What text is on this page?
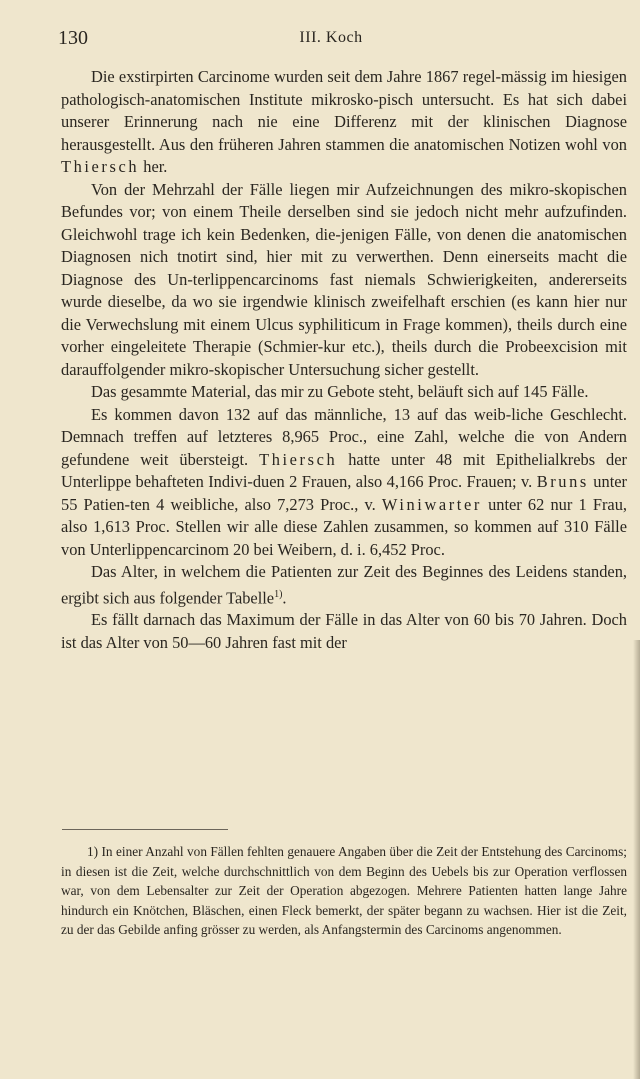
130	III. Koch

Die exstirpirten Carcinome wurden seit dem Jahre 1867 regel-mässig im hiesigen pathologisch-anatomischen Institute mikrosko-pisch untersucht. Es hat sich dabei unserer Erinnerung nach nie eine Differenz mit der klinischen Diagnose herausgestellt. Aus den früheren Jahren stammen die anatomischen Notizen wohl von Thiersch her.

Von der Mehrzahl der Fälle liegen mir Aufzeichnungen des mikro-skopischen Befundes vor; von einem Theile derselben sind sie jedoch nicht mehr aufzufinden. Gleichwohl trage ich kein Bedenken, die-jenigen Fälle, von denen die anatomischen Diagnosen nich tnotirt sind, hier mit zu verwerthen. Denn einerseits macht die Diagnose des Un-terlippencarcinoms fast niemals Schwierigkeiten, andererseits wurde dieselbe, da wo sie irgendwie klinisch zweifelhaft erschien (es kann hier nur die Verwechslung mit einem Ulcus syphiliticum in Frage kommen), theils durch eine vorher eingeleitete Therapie (Schmier-kur etc.), theils durch die Probeexcision mit darauffolgender mikro-skopischer Untersuchung sicher gestellt.

Das gesammte Material, das mir zu Gebote steht, beläuft sich auf 145 Fälle.

Es kommen davon 132 auf das männliche, 13 auf das weib-liche Geschlecht. Demnach treffen auf letzteres 8,965 Proc., eine Zahl, welche die von Andern gefundene weit übersteigt. Thiersch hatte unter 48 mit Epithelialkrebs der Unterlippe behafteten Indivi-duen 2 Frauen, also 4,166 Proc. Frauen; v. Bruns unter 55 Patien-ten 4 weibliche, also 7,273 Proc., v. Winiwarter unter 62 nur 1 Frau, also 1,613 Proc. Stellen wir alle diese Zahlen zusammen, so kommen auf 310 Fälle von Unterlippencarcinom 20 bei Weibern, d. i. 6,452 Proc.

Das Alter, in welchem die Patienten zur Zeit des Beginnes des Leidens standen, ergibt sich aus folgender Tabelle$^{1)}$.

Es fällt darnach das Maximum der Fälle in das Alter von 60 bis 70 Jahren. Doch ist das Alter von 50—60 Jahren fast mit der

1) In einer Anzahl von Fällen fehlten genauere Angaben über die Zeit der Entstehung des Carcinoms; in diesen ist die Zeit, welche durchschnittlich von dem Beginn des Uebels bis zur Operation verflossen war, von dem Lebensalter zur Zeit der Operation abgezogen. Mehrere Patienten hatten lange Jahre hindurch ein Knötchen, Bläschen, einen Fleck bemerkt, der später begann zu wachsen. Hier ist die Zeit, zu der das Gebilde anfing grösser zu werden, als Anfangstermin des Carcinoms angenommen.
